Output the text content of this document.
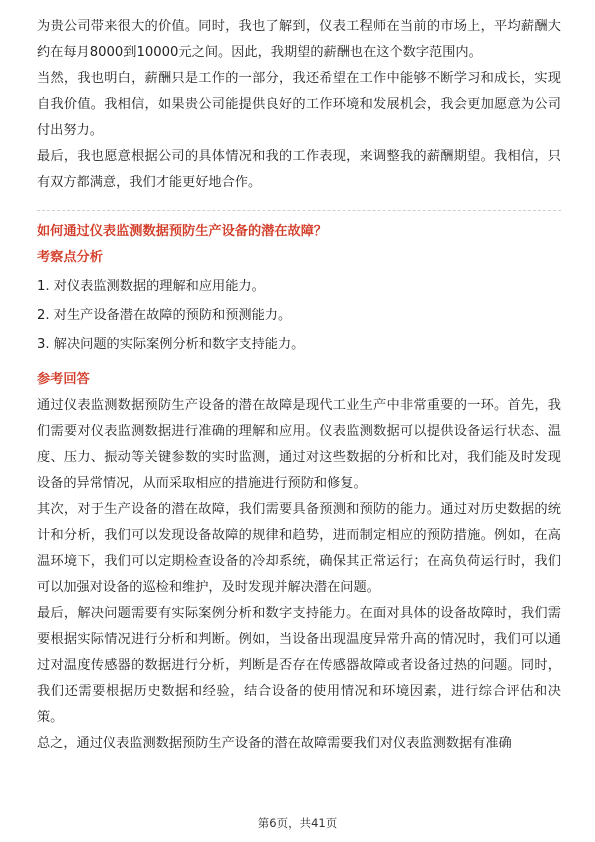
为贵公司带来很大的价值。同时，我也了解到，仪表工程师在当前的市场上，平均薪酬大约在每月8000到10000元之间。因此，我期望的薪酬也在这个数字范围内。

当然，我也明白，薪酬只是工作的一部分，我还希望在工作中能够不断学习和成长，实现自我价值。我相信，如果贵公司能提供良好的工作环境和发展机会，我会更加愿意为公司付出努力。

最后，我也愿意根据公司的具体情况和我的工作表现，来调整我的薪酬期望。我相信，只有双方都满意，我们才能更好地合作。

如何通过仪表监测数据预防生产设备的潜在故障？

考察点分析

1. 对仪表监测数据的理解和应用能力。

2. 对生产设备潜在故障的预防和预测能力。

3. 解决问题的实际案例分析和数字支持能力。

参考回答

通过仪表监测数据预防生产设备的潜在故障是现代工业生产中非常重要的一环。首先，我们需要对仪表监测数据进行准确的理解和应用。仪表监测数据可以提供设备运行状态、温度、压力、振动等关键参数的实时监测，通过对这些数据的分析和比对，我们能及时发现设备的异常情况，从而采取相应的措施进行预防和修复。

其次，对于生产设备的潜在故障，我们需要具备预测和预防的能力。通过对历史数据的统计和分析，我们可以发现设备故障的规律和趋势，进而制定相应的预防措施。例如，在高温环境下，我们可以定期检查设备的冷却系统，确保其正常运行；在高负荷运行时，我们可以加强对设备的巡检和维护，及时发现并解决潜在问题。

最后，解决问题需要有实际案例分析和数字支持能力。在面对具体的设备故障时，我们需要根据实际情况进行分析和判断。例如，当设备出现温度异常升高的情况时，我们可以通过对温度传感器的数据进行分析，判断是否存在传感器故障或者设备过热的问题。同时，我们还需要根据历史数据和经验，结合设备的使用情况和环境因素，进行综合评估和决策。

总之，通过仪表监测数据预防生产设备的潜在故障需要我们对仪表监测数据有准确

第6页，共41页
